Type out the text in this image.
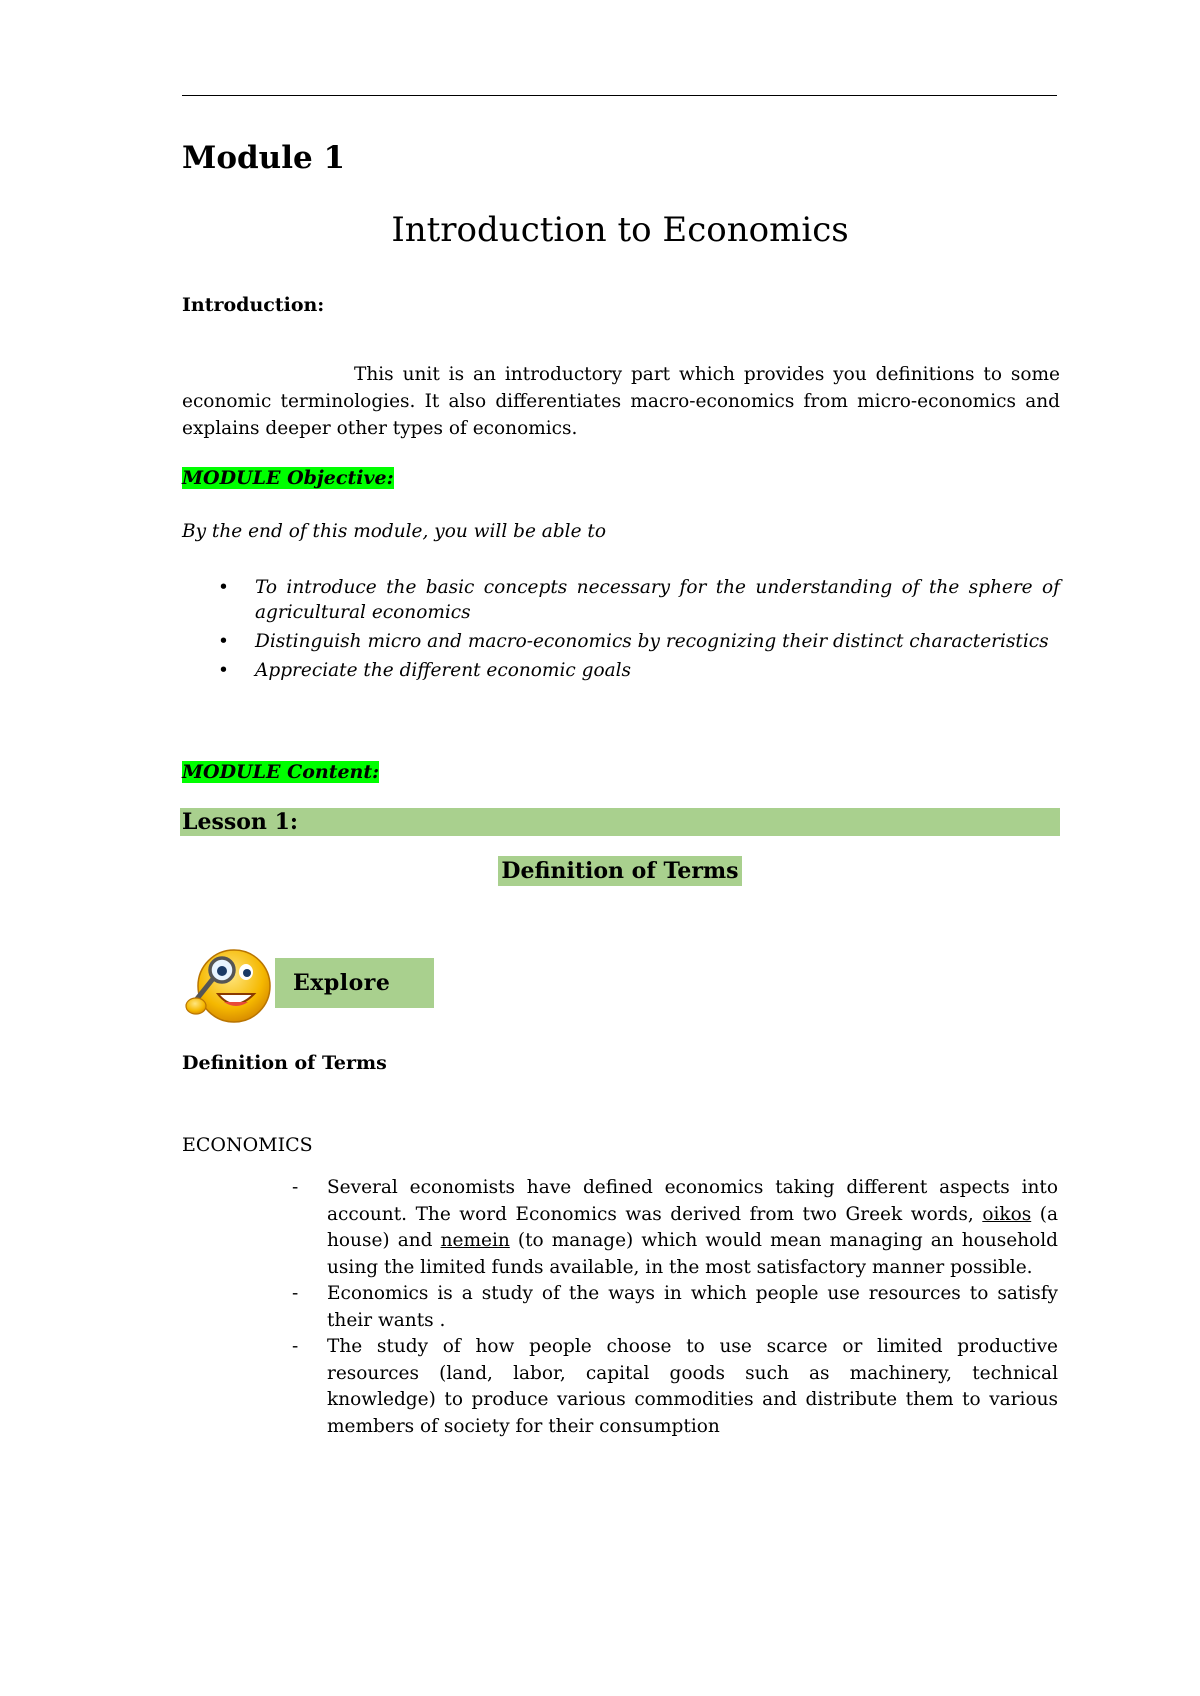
Module 1
Introduction to Economics

Introduction:

This unit is an introductory part which provides you definitions to some economic terminologies. It also differentiates macro-economics from micro-economics and explains deeper other types of economics.

MODULE Objective:

By the end of this module, you will be able to

• To introduce the basic concepts necessary for the understanding of the sphere of agricultural economics
• Distinguish micro and macro-economics by recognizing their distinct characteristics
• Appreciate the different economic goals

MODULE Content:

Lesson 1:

Definition of Terms

Explore

Definition of Terms

ECONOMICS

- Several economists have defined economics taking different aspects into account. The word Economics was derived from two Greek words, oikos (a house) and nemein (to manage) which would mean managing an household using the limited funds available, in the most satisfactory manner possible.
- Economics is a study of the ways in which people use resources to satisfy their wants .
- The study of how people choose to use scarce or limited productive resources (land, labor, capital goods such as machinery, technical knowledge) to produce various commodities and distribute them to various members of society for their consumption
